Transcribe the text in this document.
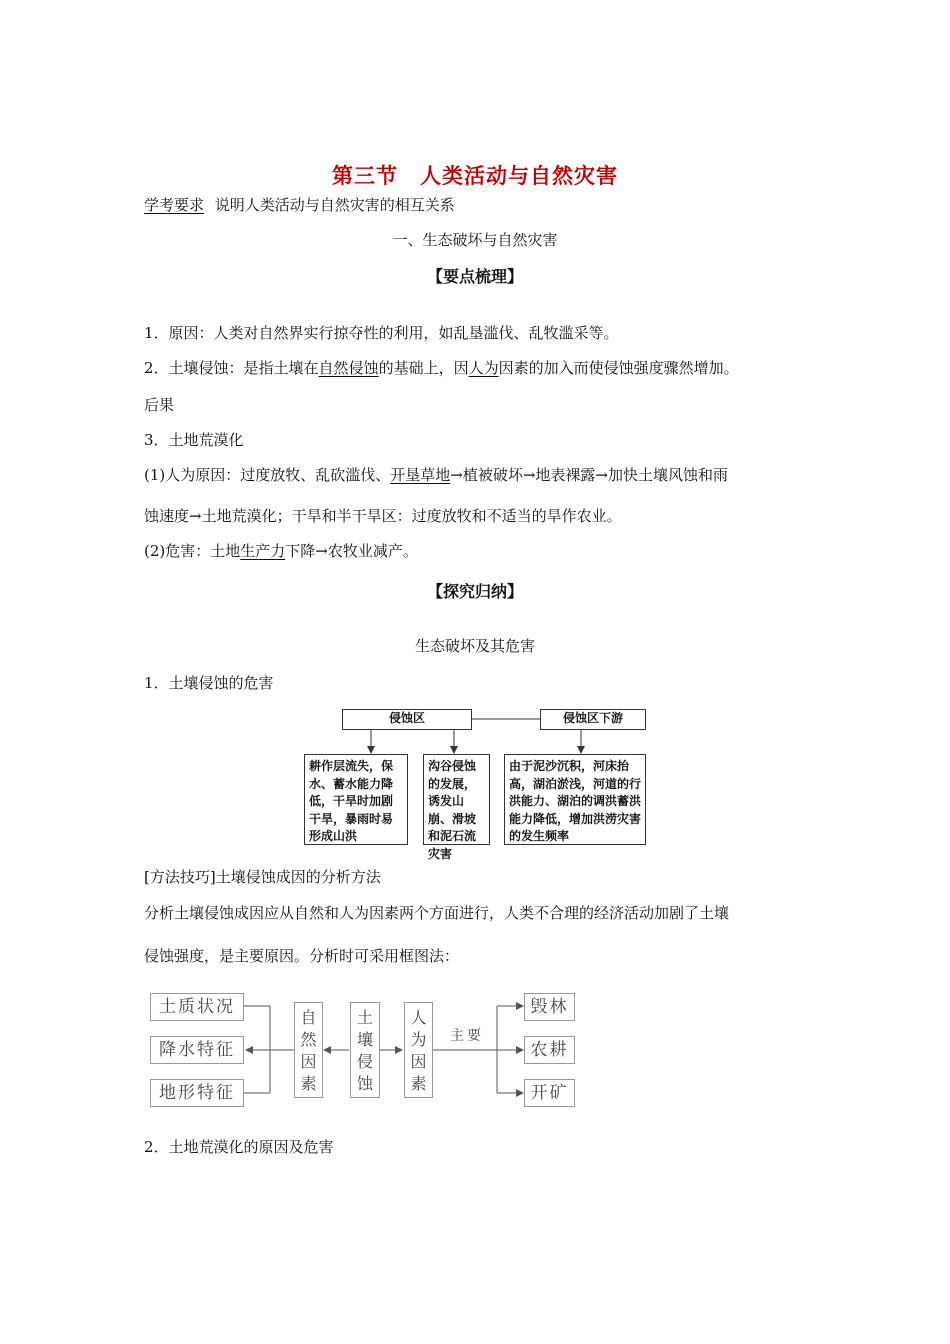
第三节　人类活动与自然灾害
学考要求 说明人类活动与自然灾害的相互关系
一、生态破坏与自然灾害
【要点梳理】
1．原因：人类对自然界实行掠夺性的利用，如乱垦滥伐、乱牧滥采等。
2．土壤侵蚀：是指土壤在自然侵蚀的基础上，因人为因素的加入而使侵蚀强度骤然增加。
后果
3．土地荒漠化
(1)人为原因：过度放牧、乱砍滥伐、开垦草地→植被破坏→地表裸露→加快土壤风蚀和雨
蚀速度→土地荒漠化；干旱和半干旱区：过度放牧和不适当的旱作农业。
(2)危害：土地生产力下降→农牧业减产。
【探究归纳】
生态破坏及其危害
1．土壤侵蚀的危害
侵蚀区	侵蚀区下游
耕作层流失，保水、蓄水能力降低，干旱时加剧干旱，暴雨时易形成山洪
沟谷侵蚀的发展，诱发山崩、滑坡和泥石流灾害
由于泥沙沉积，河床抬高，湖泊淤浅，河道的行洪能力、湖泊的调洪蓄洪能力降低，增加洪涝灾害的发生频率
[方法技巧]土壤侵蚀成因的分析方法
分析土壤侵蚀成因应从自然和人为因素两个方面进行，人类不合理的经济活动加剧了土壤
侵蚀强度，是主要原因。分析时可采用框图法：
土质状况
降水特征
地形特征
自
然
因
素
土
壤
侵
蚀
人
为
因
素
主要
毁林
农耕
开矿
2．土地荒漠化的原因及危害
